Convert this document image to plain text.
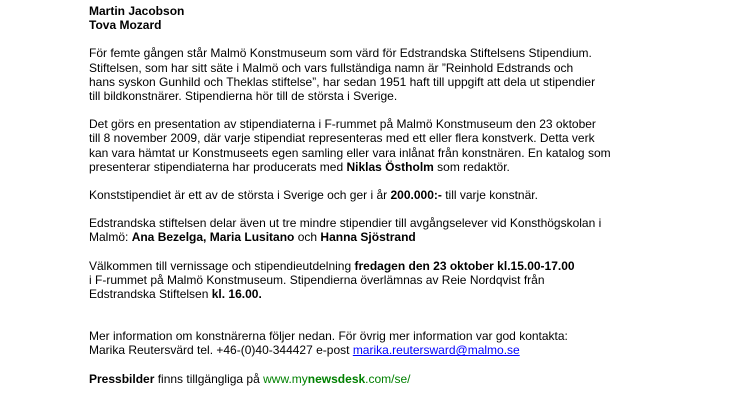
Martin Jacobson
Tova Mozard
För femte gången står Malmö Konstmuseum som värd för Edstrandska Stiftelsens Stipendium.
Stiftelsen, som har sitt säte i Malmö och vars fullständiga namn är ”Reinhold Edstrands och
hans syskon Gunhild och Theklas stiftelse”, har sedan 1951 haft till uppgift att dela ut stipendier
till bildkonstnärer. Stipendierna hör till de största i Sverige.
Det görs en presentation av stipendiaterna i F-rummet på Malmö Konstmuseum den 23 oktober
till 8 november 2009, där varje stipendiat representeras med ett eller flera konstverk. Detta verk
kan vara hämtat ur Konstmuseets egen samling eller vara inlånat från konstnären. En katalog som
presenterar stipendiaterna har producerats med Niklas Östholm som redaktör.
Konststipendiet är ett av de största i Sverige och ger i år 200.000:- till varje konstnär.
Edstrandska stiftelsen delar även ut tre mindre stipendier till avgångselever vid Konsthögskolan i
Malmö: Ana Bezelga, Maria Lusitano och Hanna Sjöstrand
Välkommen till vernissage och stipendieutdelning fredagen den 23 oktober kl.15.00-17.00
i F-rummet på Malmö Konstmuseum. Stipendierna överlämnas av Reie Nordqvist från
Edstrandska Stiftelsen kl. 16.00.
Mer information om konstnärerna följer nedan. För övrig mer information var god kontakta:
Marika Reutersvärd tel. +46-(0)40-344427 e-post marika.reutersward@malmo.se
Pressbilder finns tillgängliga på www.mynewsdesk.com/se/
